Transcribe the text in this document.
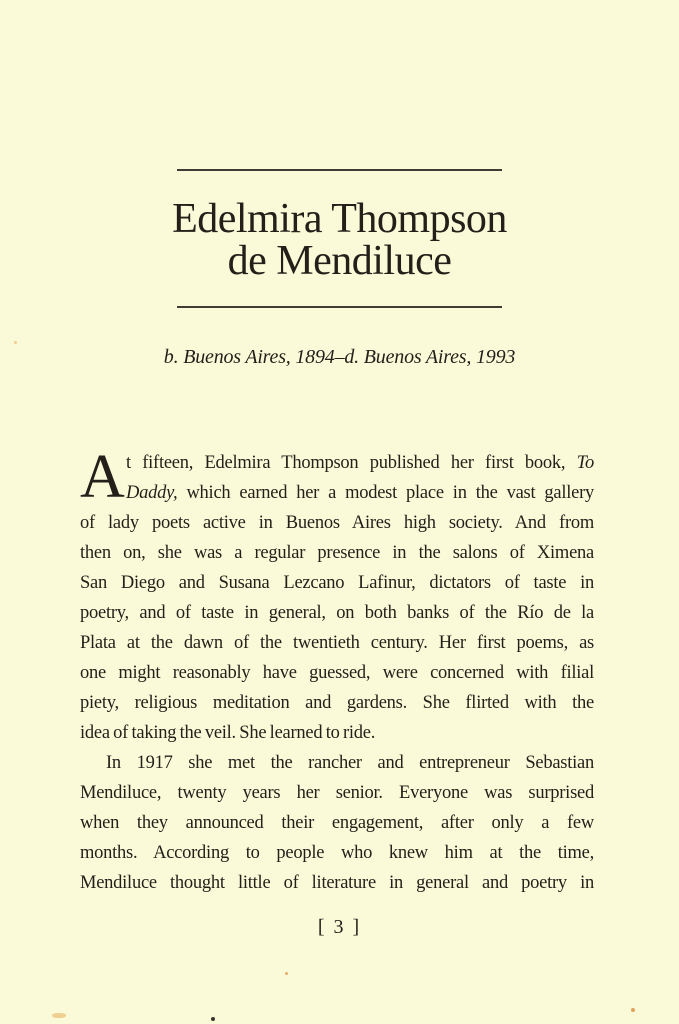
Edelmira Thompson
de Mendiluce
b. Buenos Aires, 1894–d. Buenos Aires, 1993
A t fifteen, Edelmira Thompson published her first book, To
Daddy, which earned her a modest place in the vast gallery
of lady poets active in Buenos Aires high society. And from
then on, she was a regular presence in the salons of Ximena
San Diego and Susana Lezcano Lafinur, dictators of taste in
poetry, and of taste in general, on both banks of the Río de la
Plata at the dawn of the twentieth century. Her first poems, as
one might reasonably have guessed, were concerned with filial
piety, religious meditation and gardens. She flirted with the
idea of taking the veil. She learned to ride.
In 1917 she met the rancher and entrepreneur Sebastian
Mendiluce, twenty years her senior. Everyone was surprised
when they announced their engagement, after only a few
months. According to people who knew him at the time,
Mendiluce thought little of literature in general and poetry in
[ 3 ]
